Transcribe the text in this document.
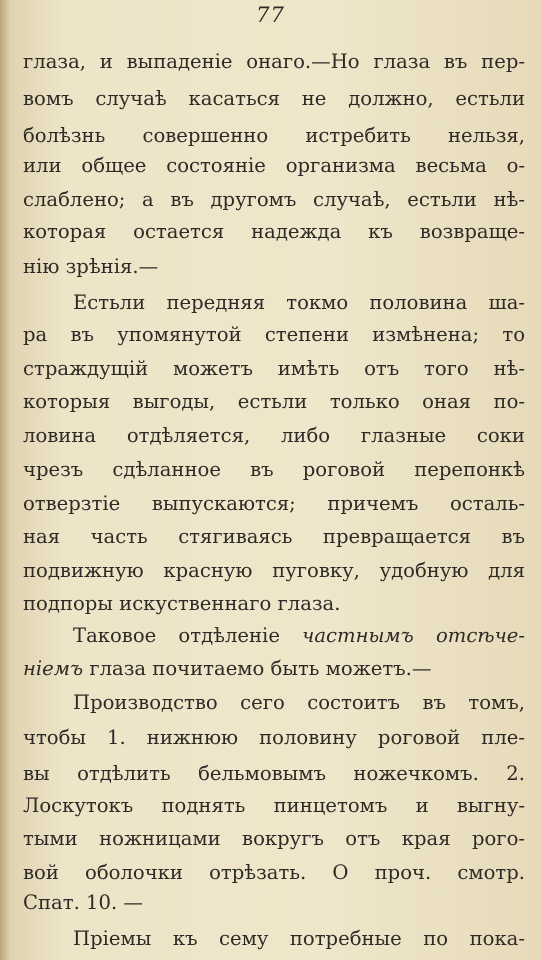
77
глаза, и выпаденіе онаго.—Но глаза въ пер-
вомъ случаѣ касаться не должно, естьли
болѣзнь совершенно истребить нельзя,
или общее состояніе организма весьма о-
слаблено; а въ другомъ случаѣ, естьли нѣ-
которая остается надежда къ возвраще-
нію зрѣнія.—
Естьли передняя токмо половина ша-
ра въ упомянутой степени измѣнена; то
стpаждущій можетъ имѣть отъ того нѣ-
которыя выгоды, естьли только оная по-
ловина отдѣляется, либо глазные соки
чрезъ сдѣланное въ роговой перепонкѣ
отверзтіе выпускаются; причемъ осталь-
ная часть стягиваясь превращается въ
подвижную красную пуговку, удобную для
подпоры искуственнаго глаза.
Таковое отдѣленіе частнымъ отсѣче-
ніемъ глаза почитаемо быть можетъ.—
Производство сего состоитъ въ томъ,
чтобы 1. нижнюю половину роговой пле-
вы отдѣлить бельмовымъ ножечкомъ. 2.
Лоскутокъ поднять пинцетомъ и выгну-
тыми ножницами вокругъ отъ края рого-
вой оболочки отрѣзать. О проч. смотр.
Спат. 10. —
Пріемы къ сему потребные по пока-
